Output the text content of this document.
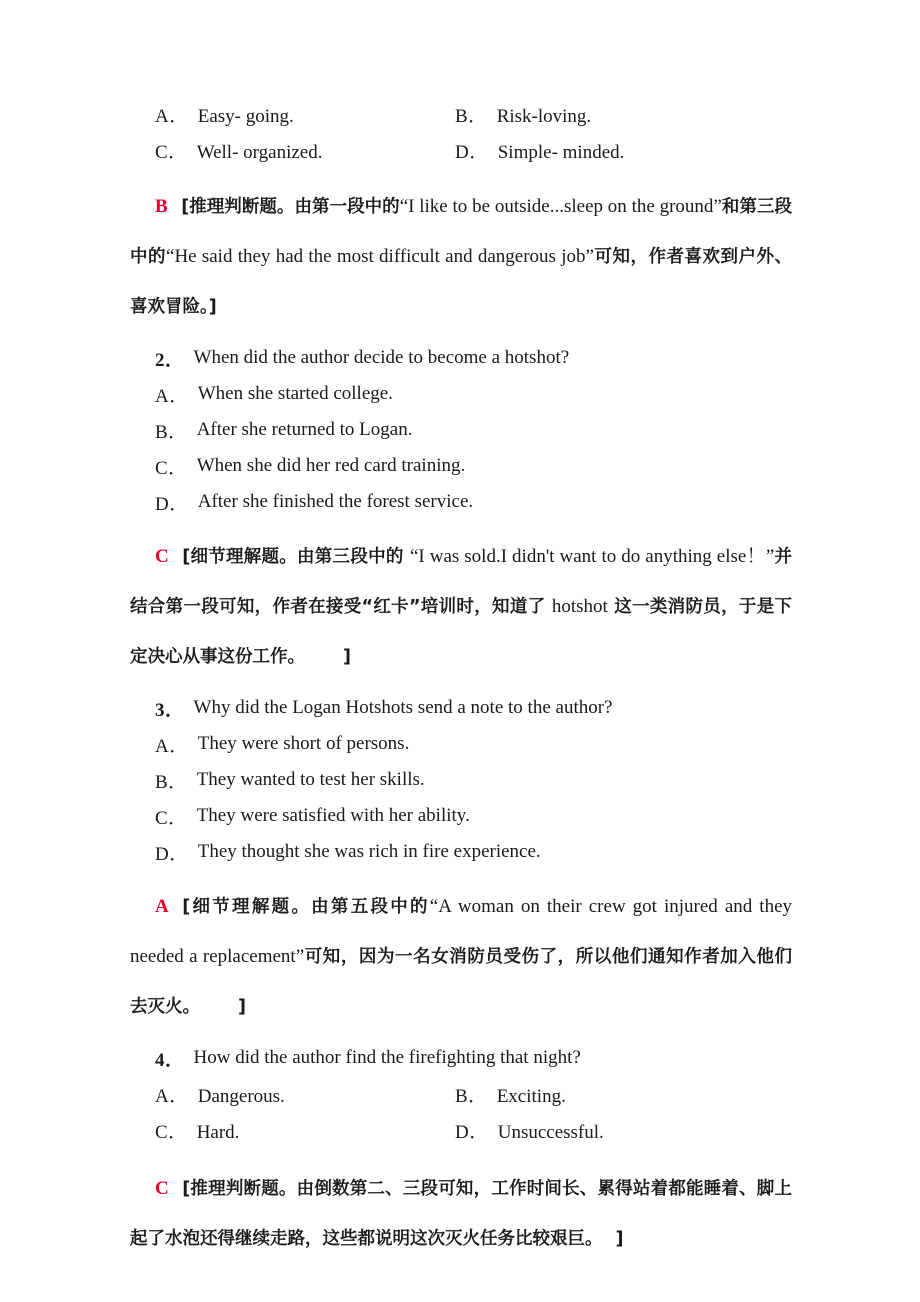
A． Easy- going.	B． Risk-loving.
C． Well- organized.	D． Simple- minded.

B [推理判断题。由第一段中的“I like to be outside...sleep on the ground”和第三段中的“He said they had the most difficult and dangerous job”可知，作者喜欢到户外、喜欢冒险。]

2． When did the author decide to become a hotshot?
A． When she started college.
B． After she returned to Logan.
C． When she did her red card training.
D． After she finished the forest service.

C [细节理解题。由第三段中的 “I was sold.I didn't want to do anything else！”并结合第一段可知，作者在接受“红卡”培训时，知道了 hotshot 这一类消防员，于是下定决心从事这份工作。 ]

3． Why did the Logan Hotshots send a note to the author?
A． They were short of persons.
B． They wanted to test her skills.
C． They were satisfied with her ability.
D． They thought she was rich in fire experience.

A [细节理解题。由第五段中的“A woman on their crew got injured and they needed a replacement”可知，因为一名女消防员受伤了，所以他们通知作者加入他们去灭火。 ]

4． How did the author find the firefighting that night?
A． Dangerous.	B． Exciting.
C． Hard.	D． Unsuccessful.

C [推理判断题。由倒数第二、三段可知，工作时间长、累得站着都能睡着、脚上起了水泡还得继续走路，这些都说明这次灭火任务比较艰巨。 ]
